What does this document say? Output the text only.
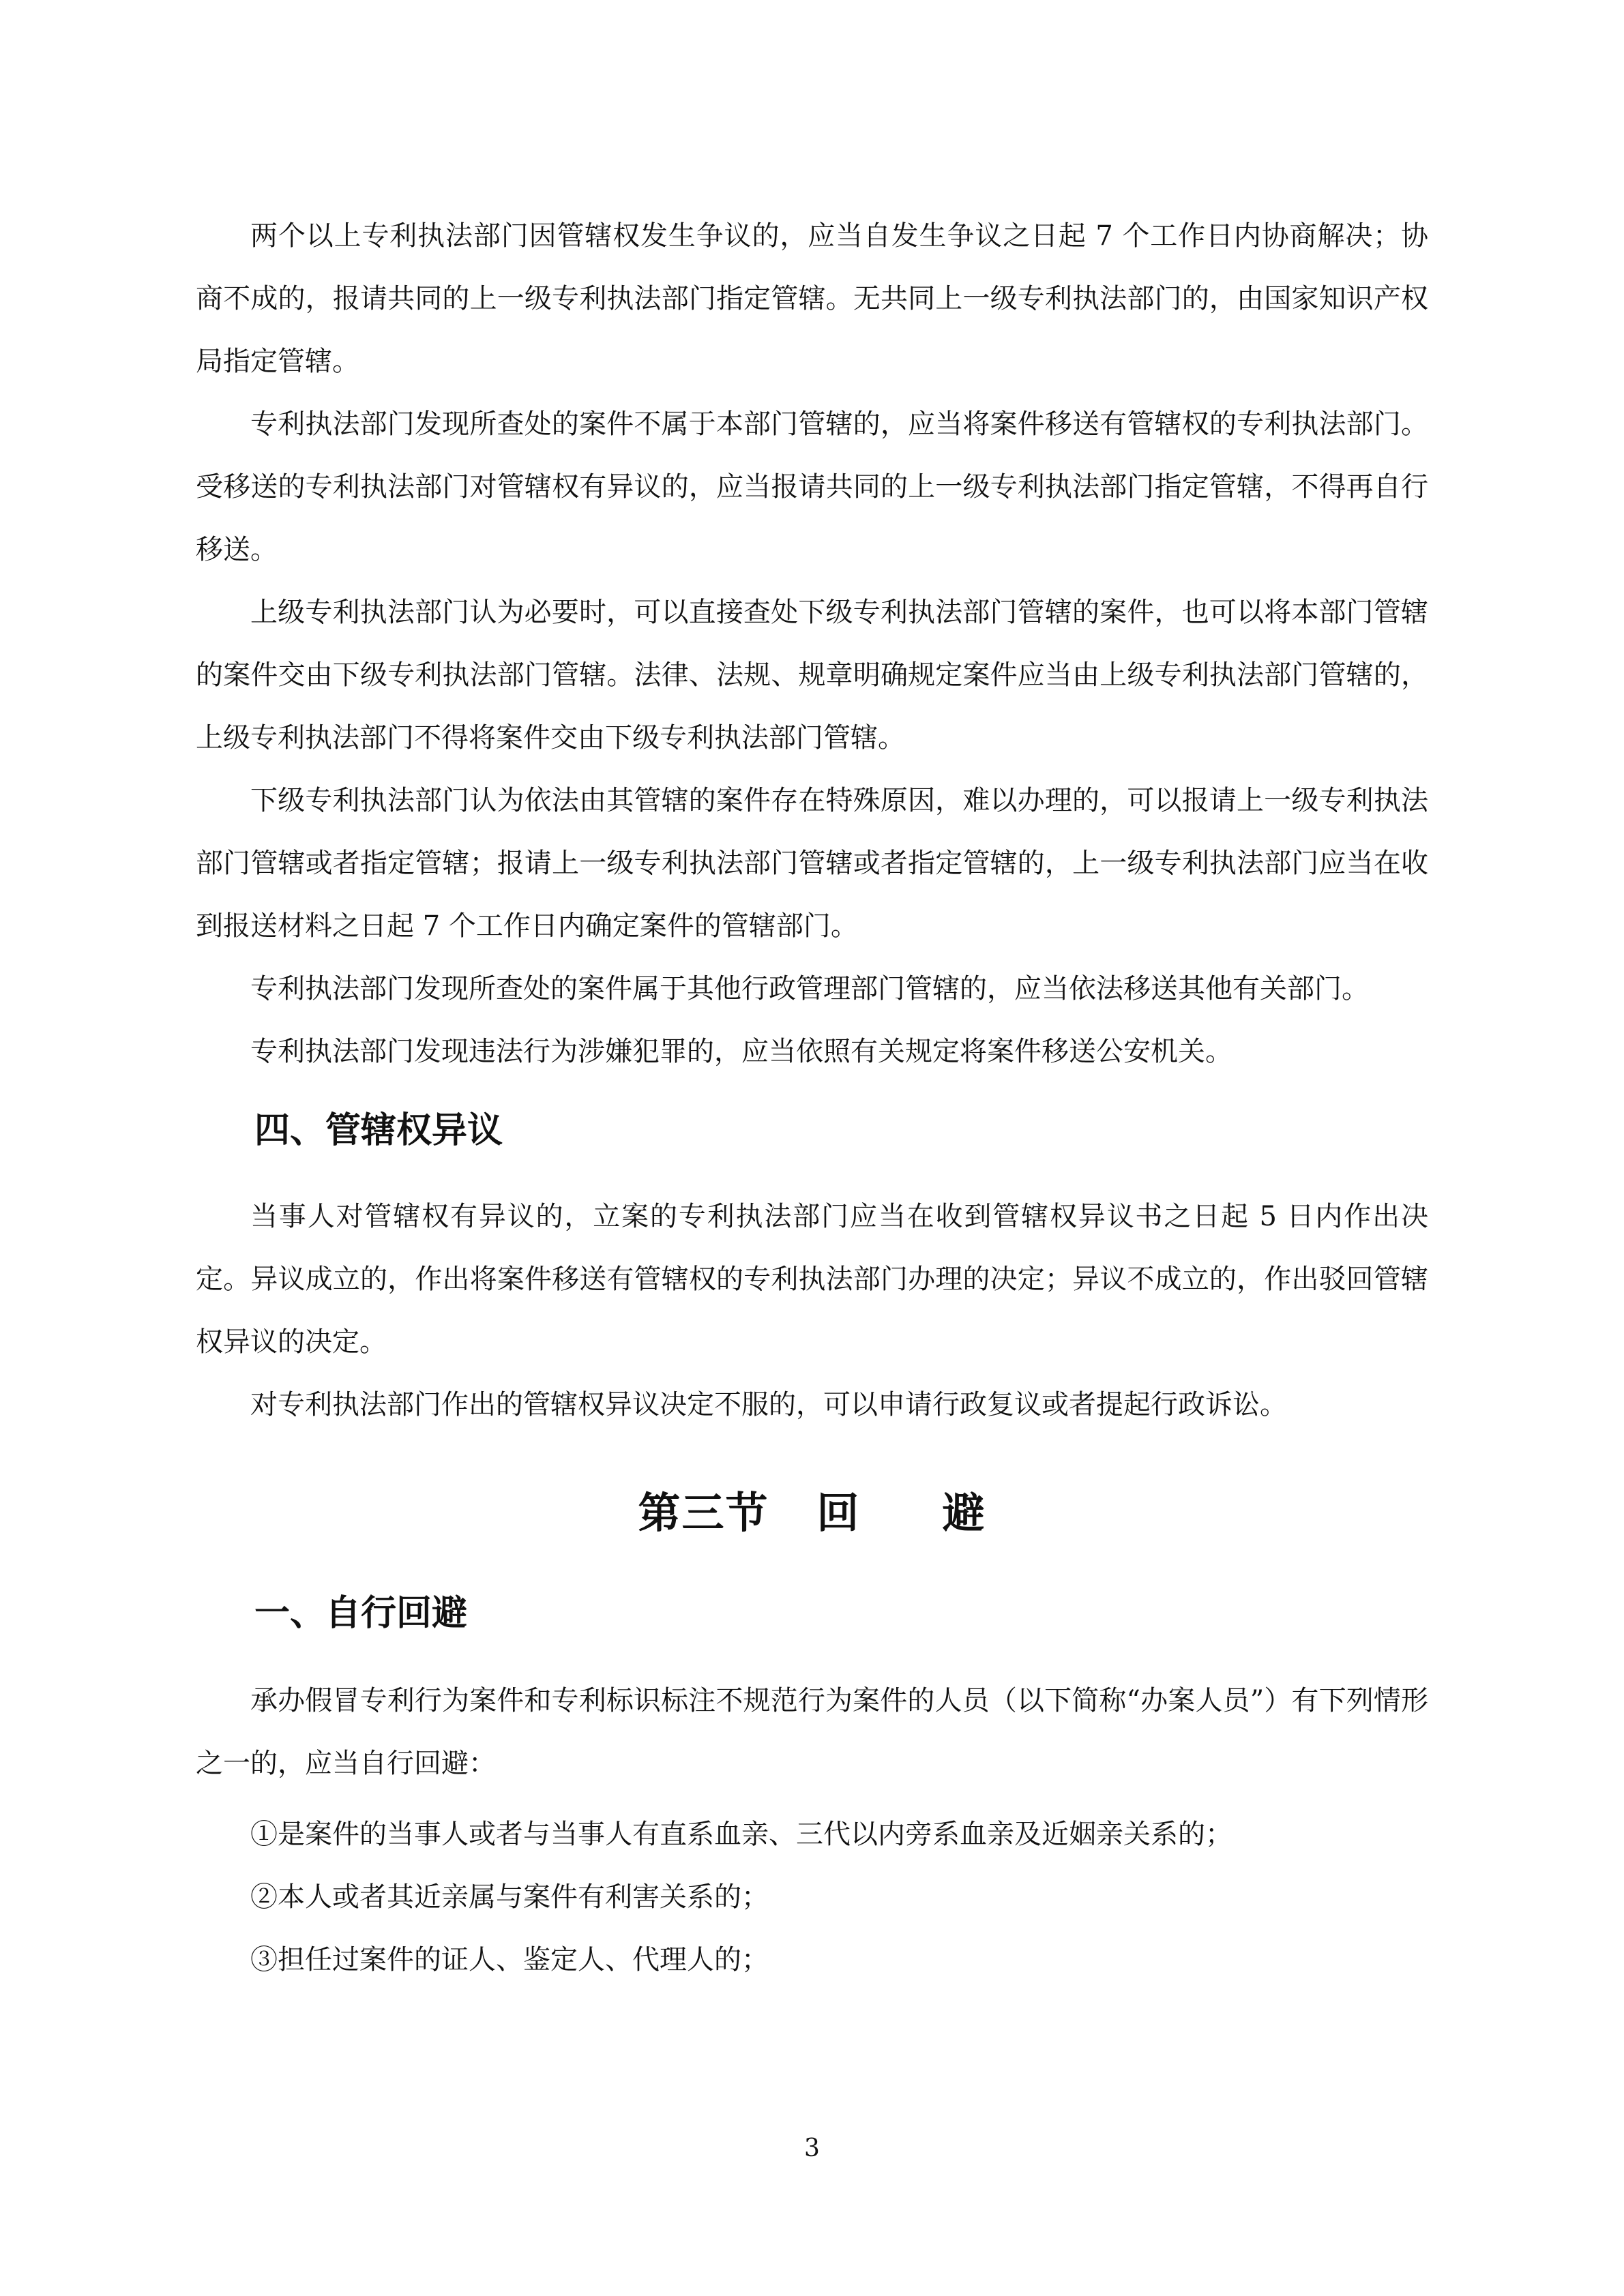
两个以上专利执法部门因管辖权发生争议的，应当自发生争议之日起 7 个工作日内协商解决；协商不成的，报请共同的上一级专利执法部门指定管辖。无共同上一级专利执法部门的，由国家知识产权局指定管辖。

专利执法部门发现所查处的案件不属于本部门管辖的，应当将案件移送有管辖权的专利执法部门。受移送的专利执法部门对管辖权有异议的，应当报请共同的上一级专利执法部门指定管辖，不得再自行移送。

上级专利执法部门认为必要时，可以直接查处下级专利执法部门管辖的案件，也可以将本部门管辖的案件交由下级专利执法部门管辖。法律、法规、规章明确规定案件应当由上级专利执法部门管辖的，上级专利执法部门不得将案件交由下级专利执法部门管辖。

下级专利执法部门认为依法由其管辖的案件存在特殊原因，难以办理的，可以报请上一级专利执法部门管辖或者指定管辖；报请上一级专利执法部门管辖或者指定管辖的，上一级专利执法部门应当在收到报送材料之日起 7 个工作日内确定案件的管辖部门。

专利执法部门发现所查处的案件属于其他行政管理部门管辖的，应当依法移送其他有关部门。

专利执法部门发现违法行为涉嫌犯罪的，应当依照有关规定将案件移送公安机关。

四、管辖权异议

当事人对管辖权有异议的，立案的专利执法部门应当在收到管辖权异议书之日起 5 日内作出决定。异议成立的，作出将案件移送有管辖权的专利执法部门办理的决定；异议不成立的，作出驳回管辖权异议的决定。

对专利执法部门作出的管辖权异议决定不服的，可以申请行政复议或者提起行政诉讼。

第三节 回 避
一、自行回避

承办假冒专利行为案件和专利标识标注不规范行为案件的人员（以下简称“办案人员”）有下列情形之一的，应当自行回避：

①是案件的当事人或者与当事人有直系血亲、三代以内旁系血亲及近姻亲关系的；

②本人或者其近亲属与案件有利害关系的；

③担任过案件的证人、鉴定人、代理人的；

3
